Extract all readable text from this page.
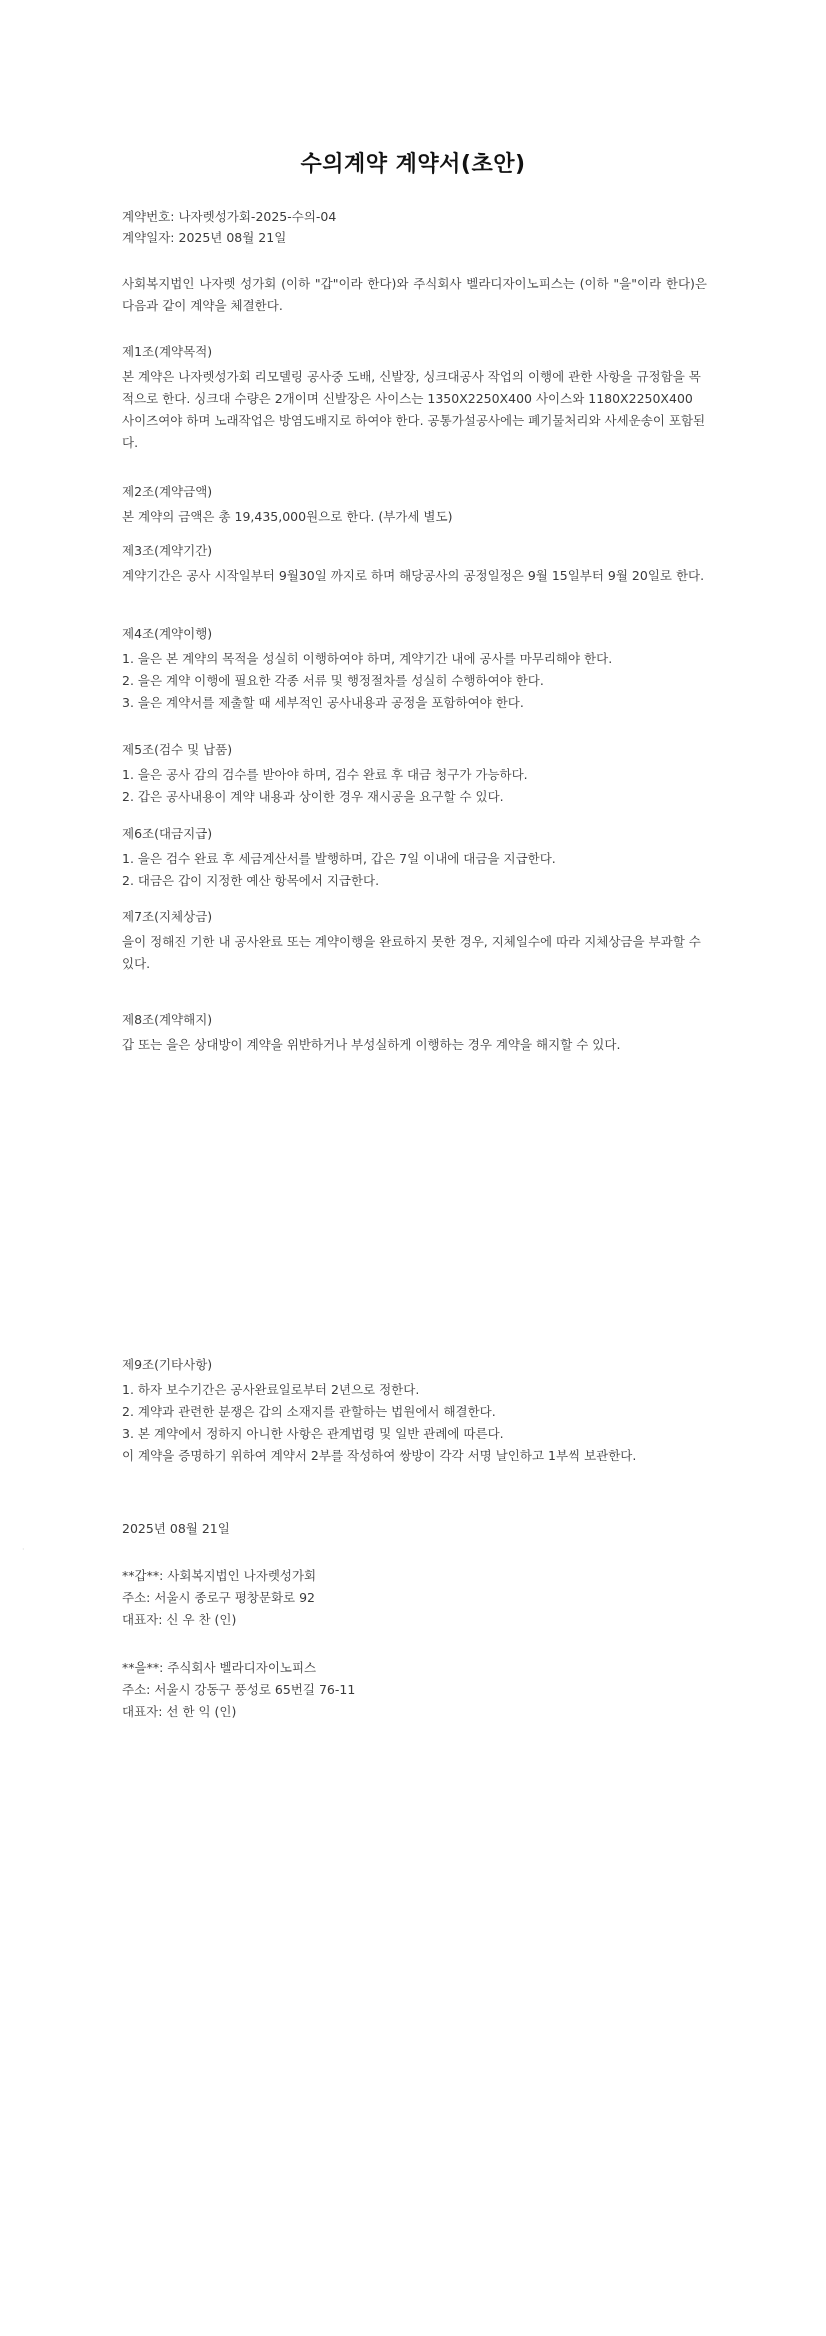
수의계약 계약서(초안)
계약번호: 나자렛성가회-2025-수의-04
계약일자: 2025년 08월 21일
사회복지법인 나자렛 성가회 (이하 "갑"이라 한다)와 주식회사 벨라디자이노피스는 (이하 "을"이라 한다)은 다음과 같이 계약을 체결한다.
제1조(계약목적)

본 계약은 나자렛성가회 리모델링 공사중 도배, 신발장, 싱크대공사 작업의 이행에 관한 사항을 규정함을 목적으로 한다. 싱크대 수량은 2개이며 신발장은 사이스는 1350X2250X400 사이스와 1180X2250X400 사이즈여야 하며 노래작업은 방염도배지로 하여야 한다. 공통가설공사에는 폐기물처리와 사세운송이 포함된다.

제2조(계약금액)

본 계약의 금액은 총 19,435,000원으로 한다. (부가세 별도)

제3조(계약기간)

계약기간은 공사 시작일부터 9월30일 까지로 하며 해당공사의 공정일정은 9월 15일부터 9월 20일로 한다.

제4조(계약이행)

1. 을은 본 계약의 목적을 성실히 이행하여야 하며, 계약기간 내에 공사를 마무리해야 한다.

2. 을은 계약 이행에 필요한 각종 서류 및 행정절차를 성실히 수행하여야 한다.

3. 을은 계약서를 제출할 때 세부적인 공사내용과 공정을 포함하여야 한다.

제5조(검수 및 납품)

1. 을은 공사 감의 검수를 받아야 하며, 검수 완료 후 대금 청구가 가능하다.

2. 갑은 공사내용이 계약 내용과 상이한 경우 재시공을 요구할 수 있다.

제6조(대금지급)

1. 을은 검수 완료 후 세금계산서를 발행하며, 갑은 7일 이내에 대금을 지급한다.

2. 대금은 갑이 지정한 예산 항목에서 지급한다.

제7조(지체상금)

을이 정해진 기한 내 공사완료 또는 계약이행을 완료하지 못한 경우, 지체일수에 따라 지체상금을 부과할 수 있다.

제8조(계약해지)

갑 또는 을은 상대방이 계약을 위반하거나 부성실하게 이행하는 경우 계약을 해지할 수 있다.

제9조(기타사항)

1. 하자 보수기간은 공사완료일로부터 2년으로 정한다.

2. 계약과 관련한 분쟁은 갑의 소재지를 관할하는 법원에서 해결한다.

3. 본 계약에서 정하지 아니한 사항은 관계법령 및 일반 관례에 따른다.

이 계약을 증명하기 위하여 계약서 2부를 작성하여 쌍방이 각각 서명 날인하고 1부씩 보관한다.

2025년 08월 21일
**갑**: 사회복지법인 나자렛성가회
주소: 서울시 종로구 평창문화로 92
대표자: 신 우 찬 (인)
**을**: 주식회사 벨라디자이노피스
주소: 서울시 강동구 풍성로 65번길 76-11
대표자: 선 한 익 (인)
·
